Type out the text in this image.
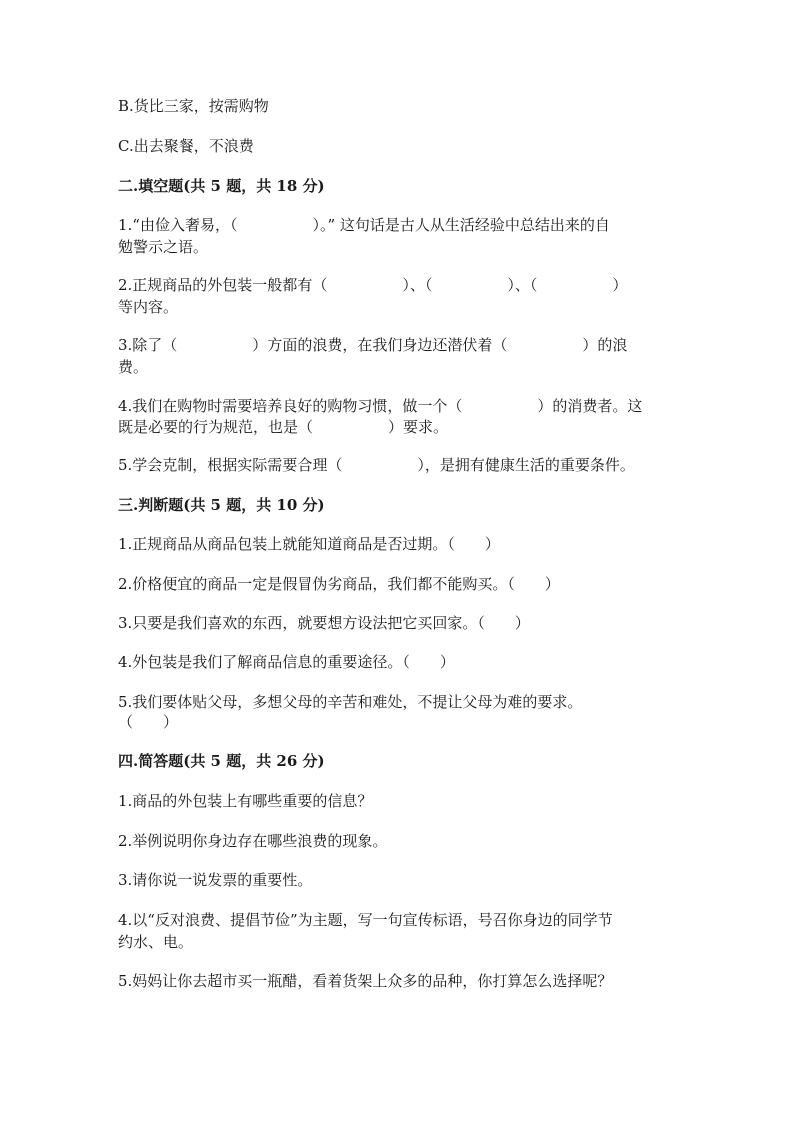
B.货比三家，按需购物
C.出去聚餐，不浪费
二.填空题(共 5 题，共 18 分)
1.“由俭入奢易，（　　　　　）。” 这句话是古人从生活经验中总结出来的自
勉警示之语。
2.正规商品的外包装一般都有（　　　　　）、（　　　　　）、（　　　　　）
等内容。
3.除了（　　　　　）方面的浪费，在我们身边还潜伏着（　　　　　）的浪
费。
4.我们在购物时需要培养良好的购物习惯，做一个（　　　　　）的消费者。这
既是必要的行为规范，也是（　　　　　）要求。
5.学会克制，根据实际需要合理（　　　　　），是拥有健康生活的重要条件。
三.判断题(共 5 题，共 10 分)
1.正规商品从商品包装上就能知道商品是否过期。（　　）
2.价格便宜的商品一定是假冒伪劣商品，我们都不能购买。（　　）
3.只要是我们喜欢的东西，就要想方设法把它买回家。（　　）
4.外包装是我们了解商品信息的重要途径。（　　）
5.我们要体贴父母，多想父母的辛苦和难处，不提让父母为难的要求。
（　　）
四.简答题(共 5 题，共 26 分)
1.商品的外包装上有哪些重要的信息？
2.举例说明你身边存在哪些浪费的现象。
3.请你说一说发票的重要性。
4.以“反对浪费、提倡节俭”为主题，写一句宣传标语，号召你身边的同学节
约水、电。
5.妈妈让你去超市买一瓶醋，看着货架上众多的品种，你打算怎么选择呢？
